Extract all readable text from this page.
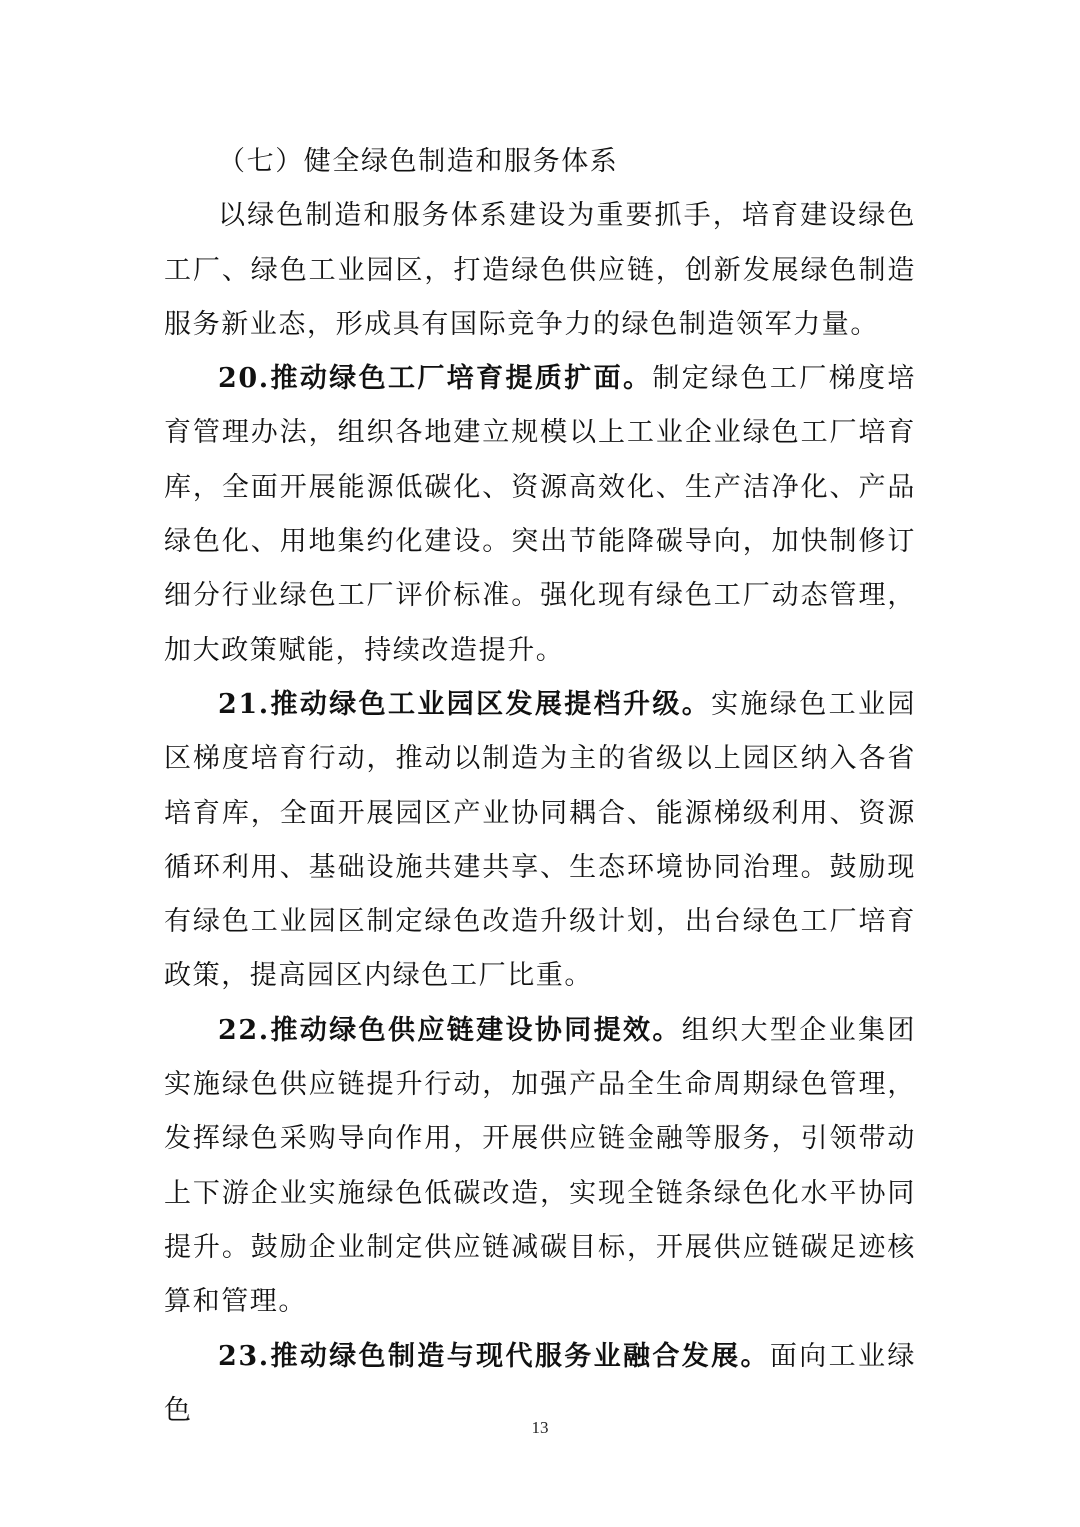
（七）健全绿色制造和服务体系

以绿色制造和服务体系建设为重要抓手，培育建设绿色工厂、绿色工业园区，打造绿色供应链，创新发展绿色制造服务新业态，形成具有国际竞争力的绿色制造领军力量。

20.推动绿色工厂培育提质扩面。制定绿色工厂梯度培育管理办法，组织各地建立规模以上工业企业绿色工厂培育库，全面开展能源低碳化、资源高效化、生产洁净化、产品绿色化、用地集约化建设。突出节能降碳导向，加快制修订细分行业绿色工厂评价标准。强化现有绿色工厂动态管理，加大政策赋能，持续改造提升。

21.推动绿色工业园区发展提档升级。实施绿色工业园区梯度培育行动，推动以制造为主的省级以上园区纳入各省培育库，全面开展园区产业协同耦合、能源梯级利用、资源循环利用、基础设施共建共享、生态环境协同治理。鼓励现有绿色工业园区制定绿色改造升级计划，出台绿色工厂培育政策，提高园区内绿色工厂比重。

22.推动绿色供应链建设协同提效。组织大型企业集团实施绿色供应链提升行动，加强产品全生命周期绿色管理，发挥绿色采购导向作用，开展供应链金融等服务，引领带动上下游企业实施绿色低碳改造，实现全链条绿色化水平协同提升。鼓励企业制定供应链减碳目标，开展供应链碳足迹核算和管理。

23.推动绿色制造与现代服务业融合发展。面向工业绿色

13
